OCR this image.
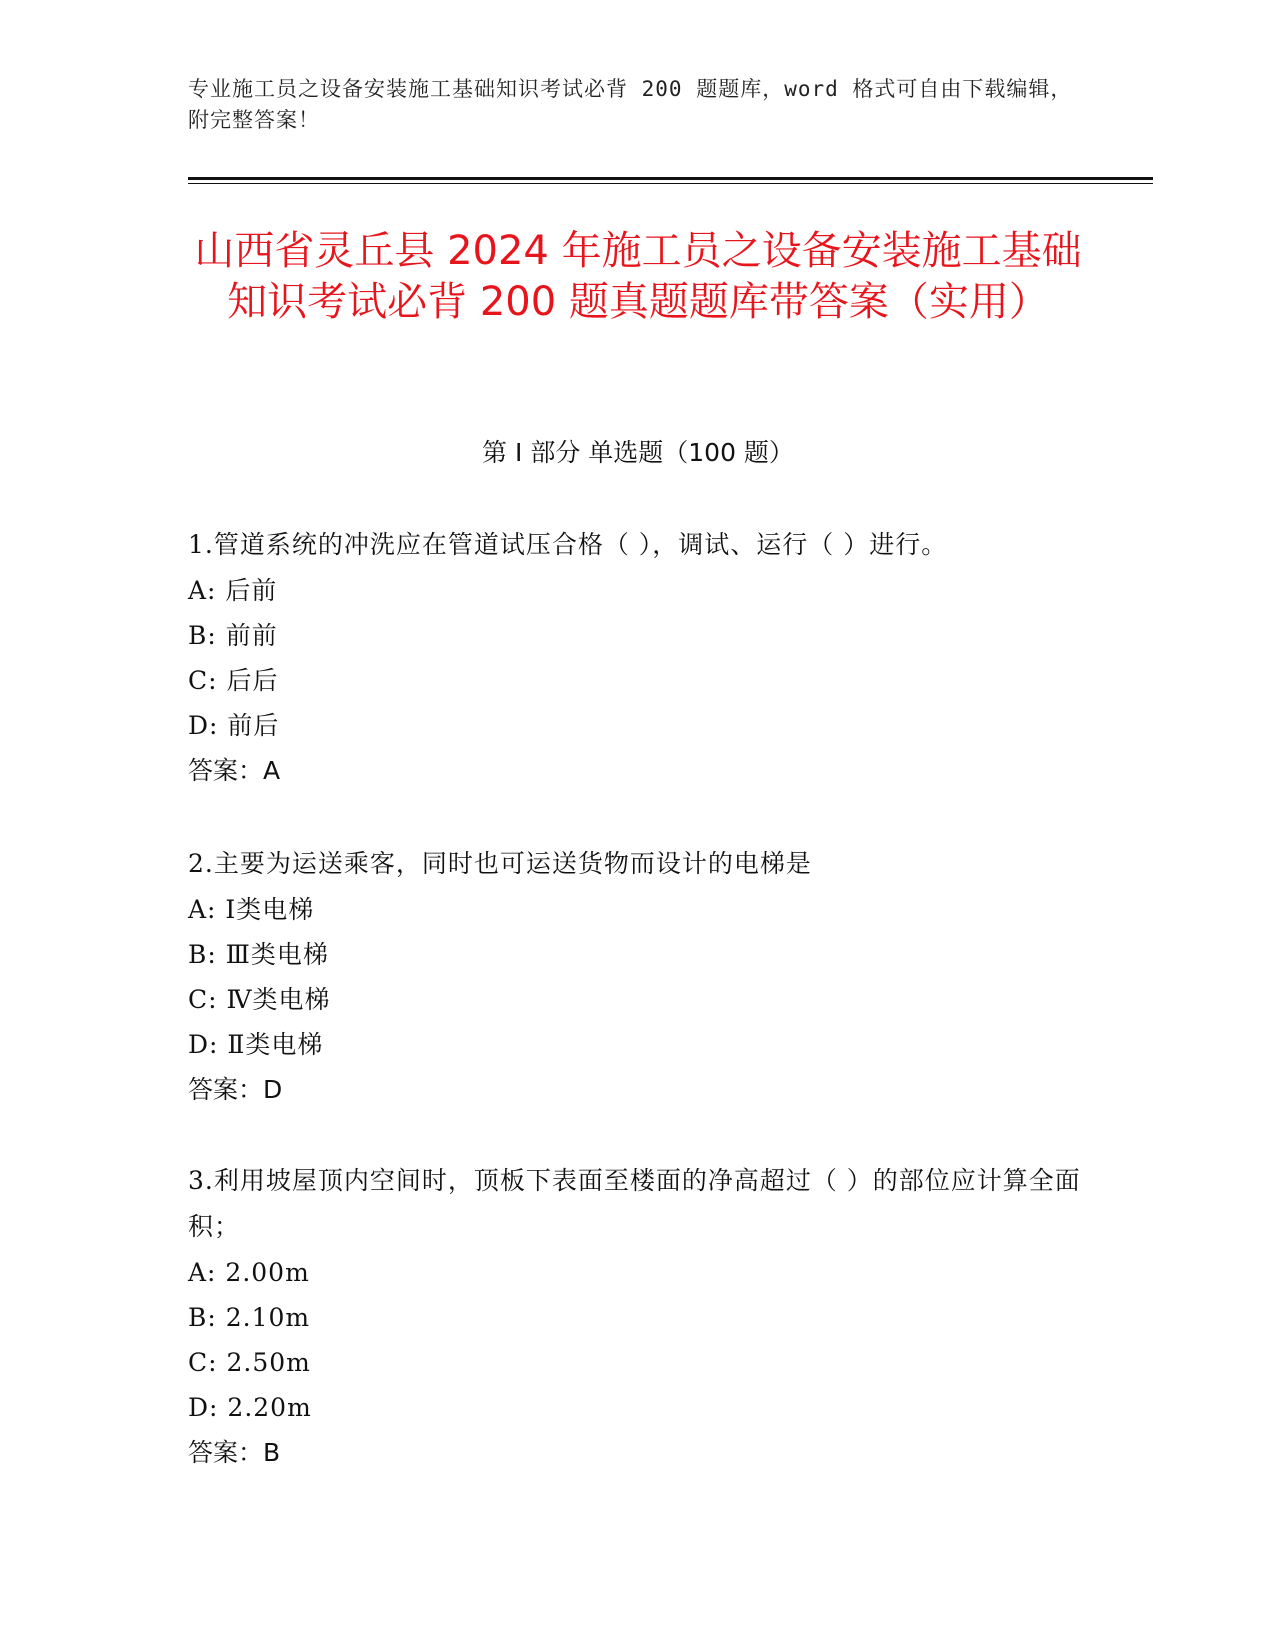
专业施工员之设备安装施工基础知识考试必背 200 题题库，word 格式可自由下载编辑，附完整答案！
山西省灵丘县 2024 年施工员之设备安装施工基础知识考试必背 200 题真题题库带答案（实用）
第 I 部分 单选题（100 题）

1.管道系统的冲洗应在管道试压合格（ ），调试、运行（ ）进行。

A: 后前

B: 前前

C: 后后

D: 前后

答案：A

2.主要为运送乘客，同时也可运送货物而设计的电梯是

A: Ⅰ类电梯

B: Ⅲ类电梯

C: Ⅳ类电梯

D: Ⅱ类电梯

答案：D

3.利用坡屋顶内空间时，顶板下表面至楼面的净高超过（ ）的部位应计算全面积；

A: 2.00m

B: 2.10m

C: 2.50m

D: 2.20m

答案：B
